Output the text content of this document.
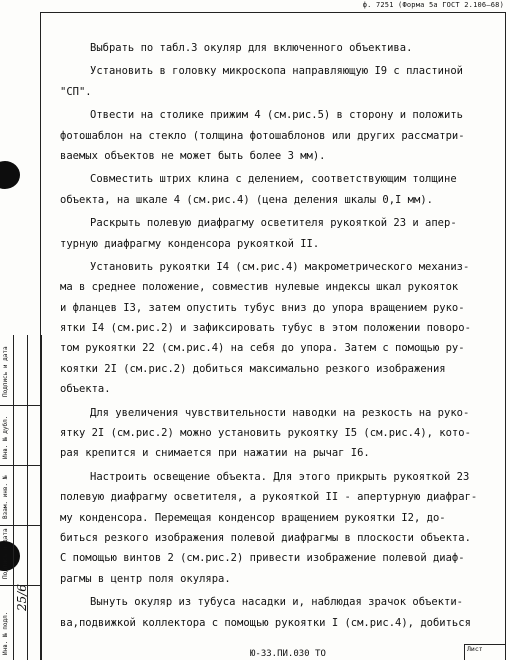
ф. 7251 (Форма 5а ГОСТ 2.106—68)

Выбрать по табл.3 окуляр для включенного объектива.

Установить в головку микроскопа направляющую I9 с пластиной

"СП".

Отвести на столике прижим 4 (см.рис.5) в сторону и положить

фотошаблон на стекло (толщина фотошаблонов или других рассматри-

ваемых объектов не может быть более 3 мм).

Совместить штрих клина с делением, соответствующим толщине

объекта, на шкале 4 (см.рис.4) (цена деления шкалы 0,I мм).

Раскрыть полевую диафрагму осветителя рукояткой 23 и апер-

турную диафрагму конденсора рукояткой II.

Установить рукоятки I4 (см.рис.4) макрометрического механиз-

ма в среднее положение, совместив нулевые индексы шкал рукояток

и фланцев I3, затем опустить тубус вниз до упора вращением руко-

ятки I4 (см.рис.2) и зафиксировать тубус в этом положении поворо-

том рукоятки 22 (см.рис.4) на себя до упора. Затем с помощью ру-

коятки 2I (см.рис.2) добиться максимально резкого изображения

объекта.

Для увеличения чувствительности наводки на резкость на руко-

ятку 2I (см.рис.2) можно установить рукоятку I5 (см.рис.4), кото-

рая крепится и снимается при нажатии на рычаг I6.

Настроить освещение объекта. Для этого прикрыть рукояткой 23

полевую диафрагму осветителя, а рукояткой II - апертурную диафраг-

му конденсора. Перемещая конденсор вращением рукоятки I2, до-

биться резкого изображения полевой диафрагмы в плоскости объекта.

С помощью винтов 2 (см.рис.2) привести изображение полевой диаф-

рагмы в центр поля окуляра.

Вынуть окуляр из тубуса насадки и, наблюдая зрачок объекти-

ва,подвижкой коллектора с помощью рукоятки I (см.рис.4), добиться

Подпись и дата
Инв. № дубл.
Взам. инв. №
Подпись и дата
Инв. № подл.
25/6
Ю-33.ПИ.030 ТО	Лист
